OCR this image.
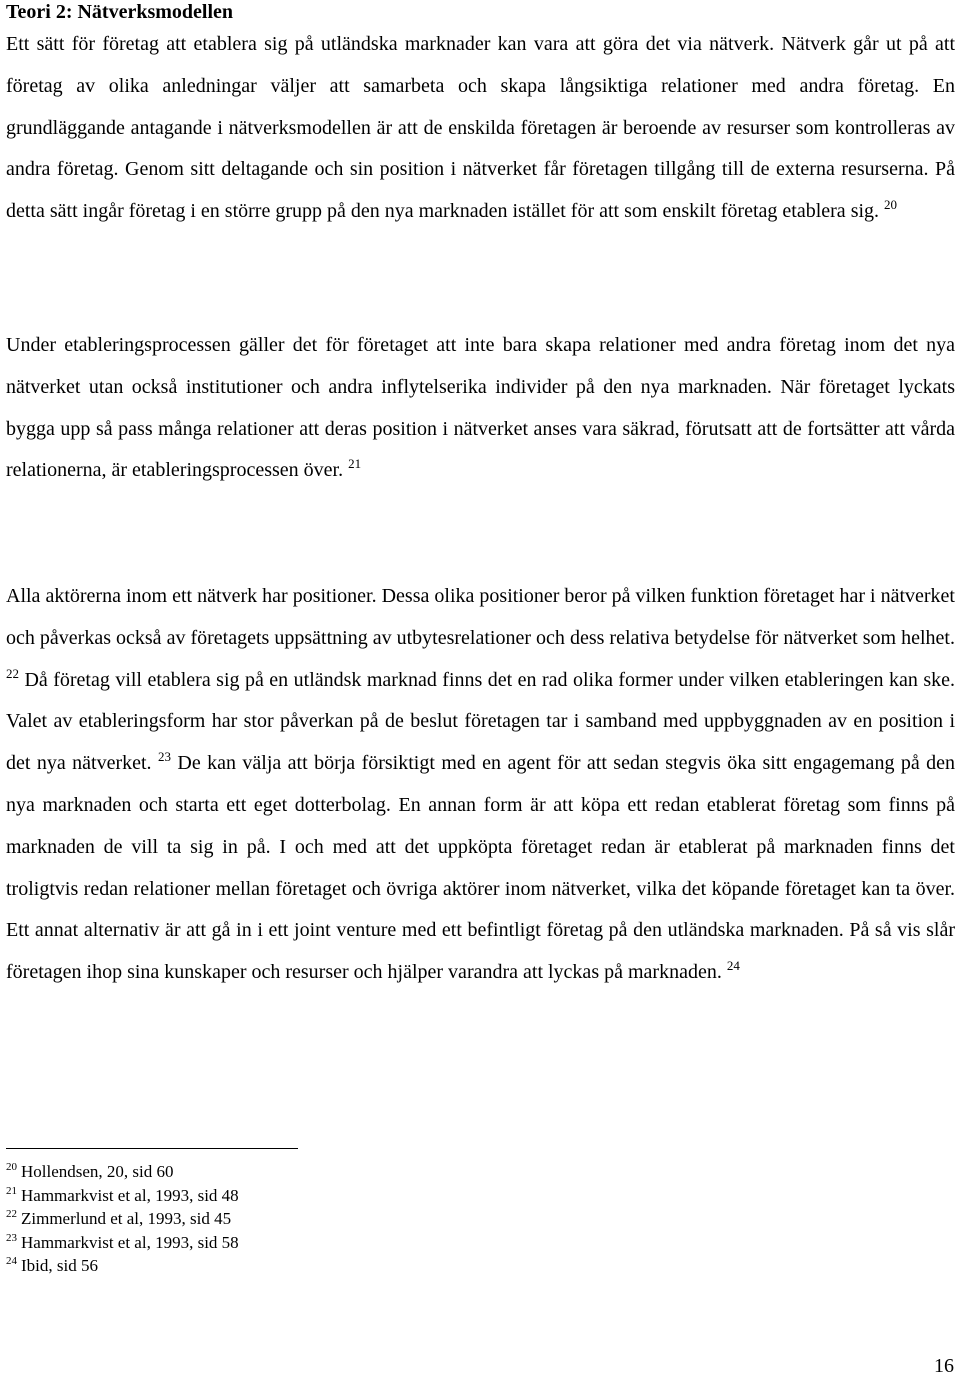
Teori 2: Nätverksmodellen

Ett sätt för företag att etablera sig på utländska marknader kan vara att göra det via nätverk. Nätverk går ut på att företag av olika anledningar väljer att samarbeta och skapa långsiktiga relationer med andra företag. En grundläggande antagande i nätverksmodellen är att de enskilda företagen är beroende av resurser som kontrolleras av andra företag. Genom sitt deltagande och sin position i nätverket får företagen tillgång till de externa resurserna. På detta sätt ingår företag i en större grupp på den nya marknaden istället för att som enskilt företag etablera sig. $^{20}$

Under etableringsprocessen gäller det för företaget att inte bara skapa relationer med andra företag inom det nya nätverket utan också institutioner och andra inflytelserika individer på den nya marknaden. När företaget lyckats bygga upp så pass många relationer att deras position i nätverket anses vara säkrad, förutsatt att de fortsätter att vårda relationerna, är etableringsprocessen över. $^{21}$

Alla aktörerna inom ett nätverk har positioner. Dessa olika positioner beror på vilken funktion företaget har i nätverket och påverkas också av företagets uppsättning av utbytesrelationer och dess relativa betydelse för nätverket som helhet. $^{22}$ Då företag vill etablera sig på en utländsk marknad finns det en rad olika former under vilken etableringen kan ske. Valet av etableringsform har stor påverkan på de beslut företagen tar i samband med uppbyggnaden av en position i det nya nätverket. $^{23}$ De kan välja att börja försiktigt med en agent för att sedan stegvis öka sitt engagemang på den nya marknaden och starta ett eget dotterbolag. En annan form är att köpa ett redan etablerat företag som finns på marknaden de vill ta sig in på. I och med att det uppköpta företaget redan är etablerat på marknaden finns det troligtvis redan relationer mellan företaget och övriga aktörer inom nätverket, vilka det köpande företaget kan ta över. Ett annat alternativ är att gå in i ett joint venture med ett befintligt företag på den utländska marknaden. På så vis slår företagen ihop sina kunskaper och resurser och hjälper varandra att lyckas på marknaden. $^{24}$

$^{20}$ Hollendsen, 20, sid 60
$^{21}$ Hammarkvist et al, 1993, sid 48
$^{22}$ Zimmerlund et al, 1993, sid 45
$^{23}$ Hammarkvist et al, 1993, sid 58
$^{24}$ Ibid, sid 56
16
